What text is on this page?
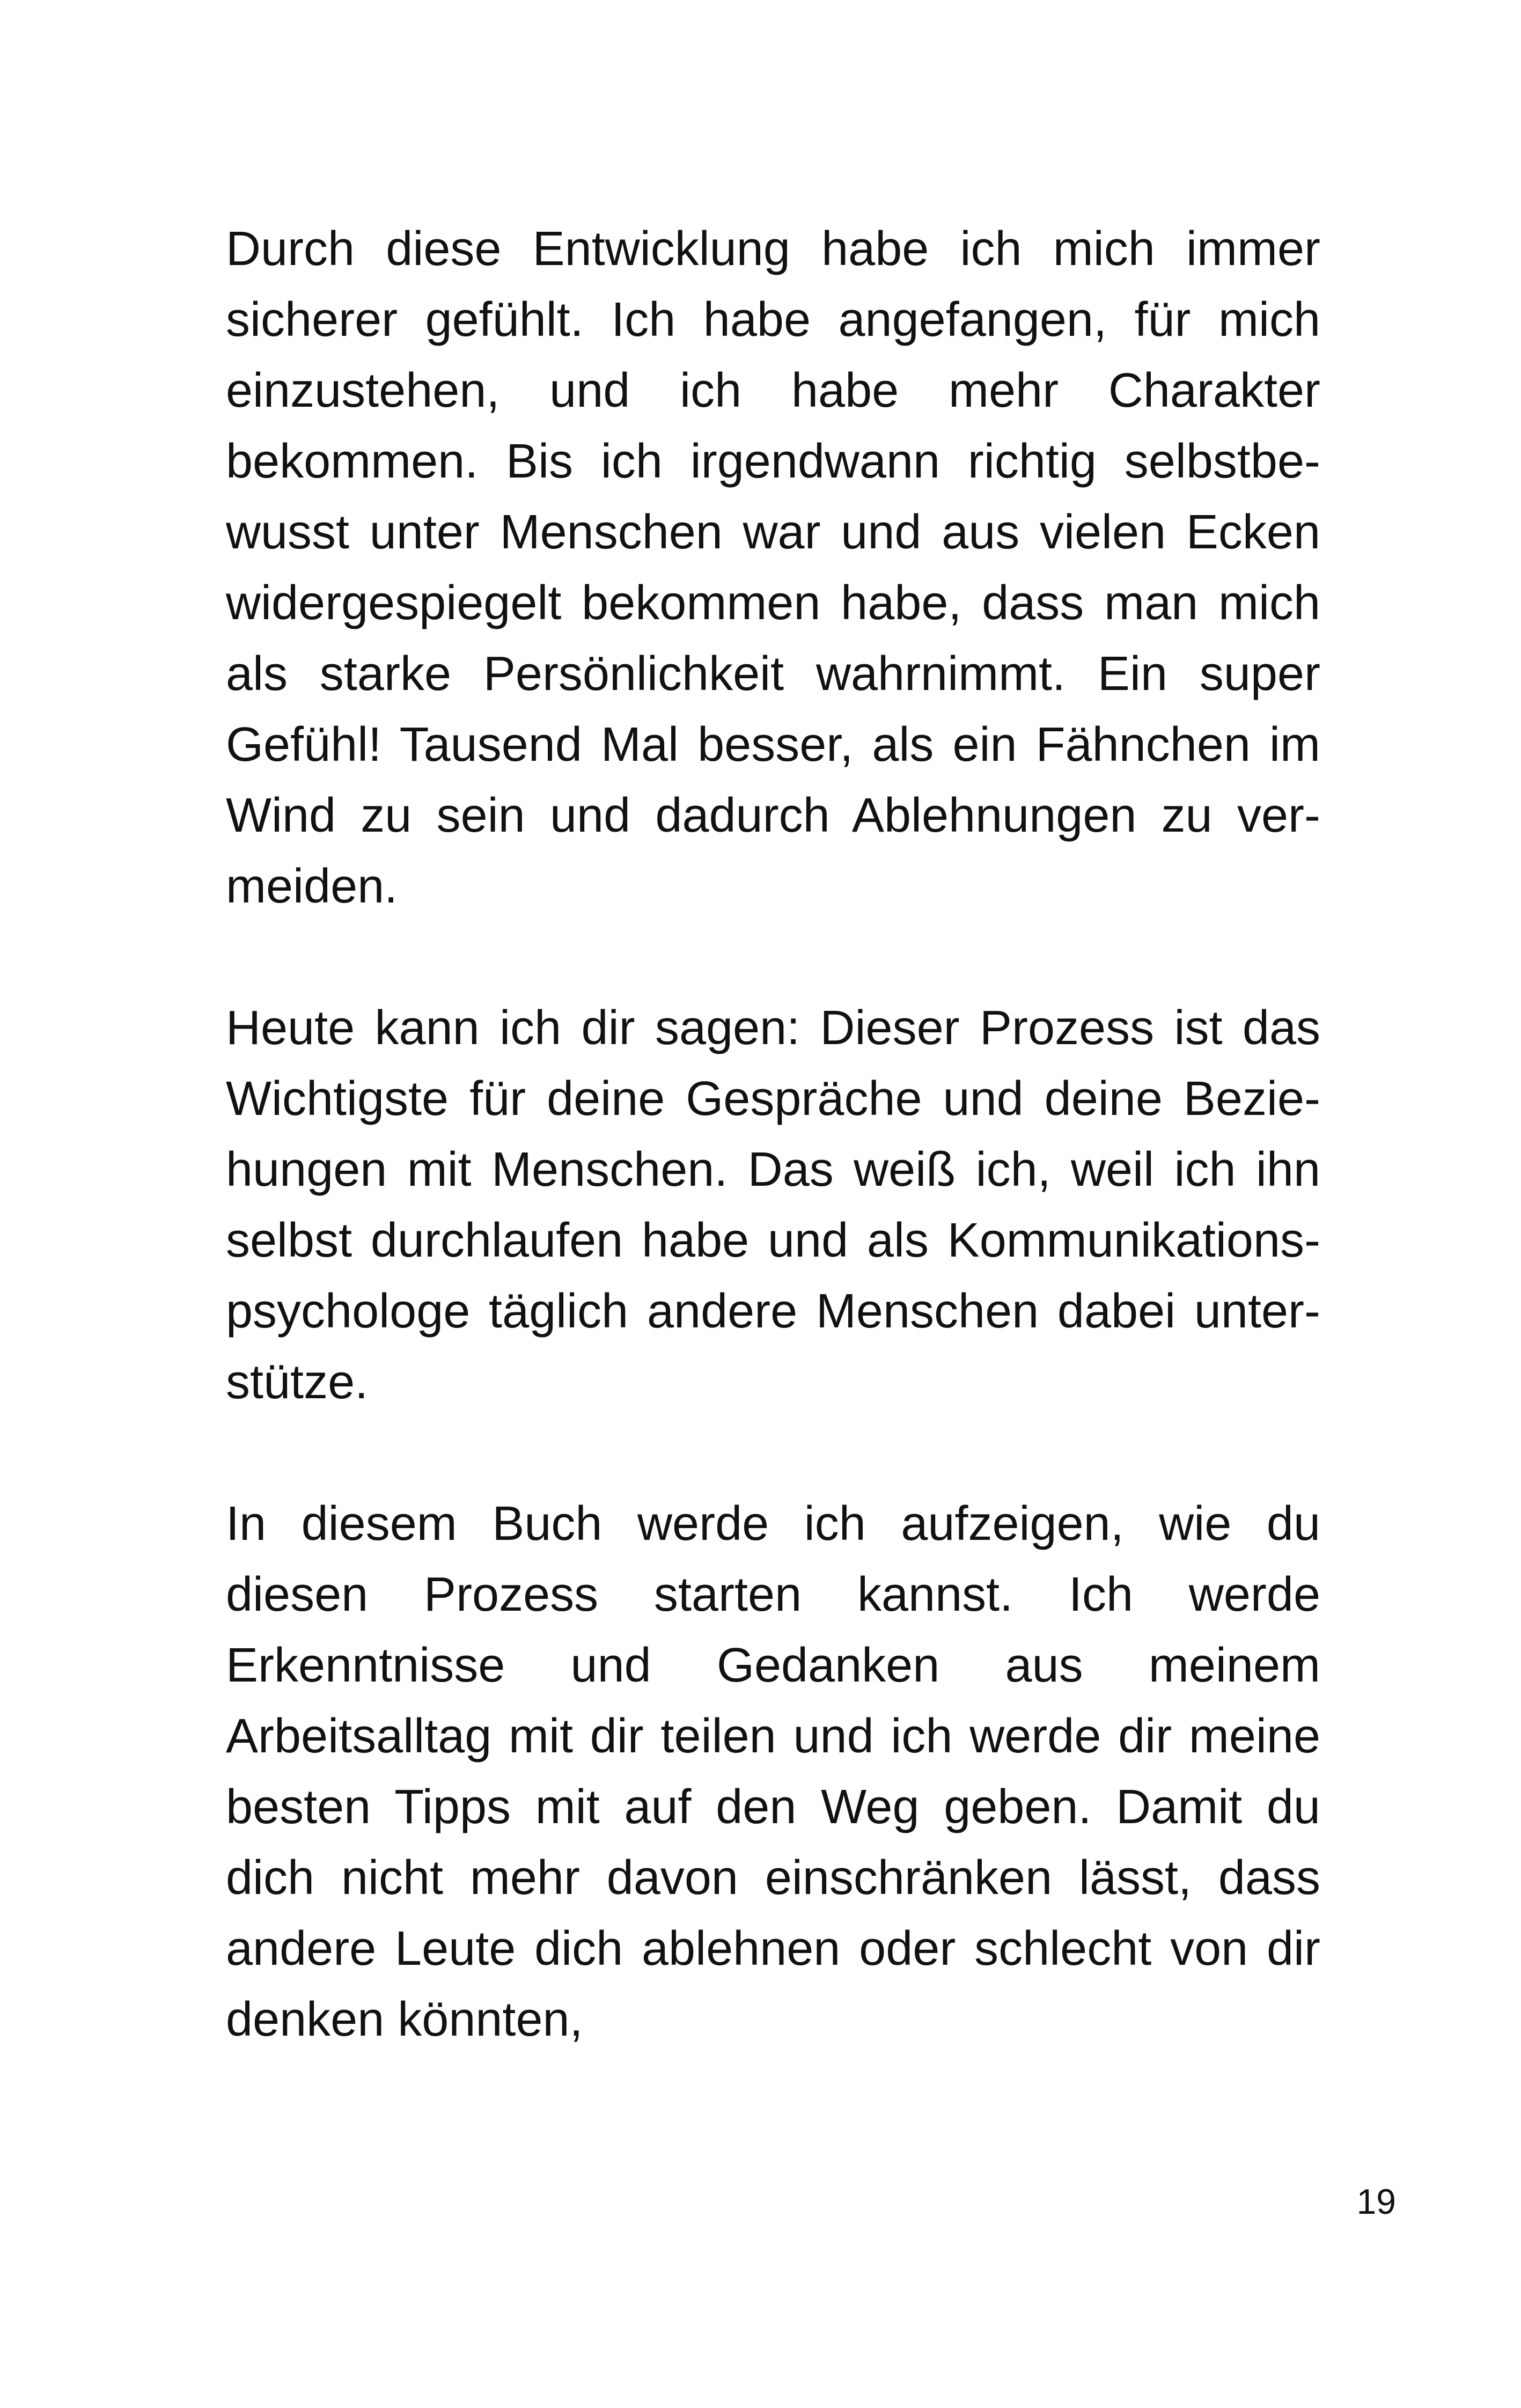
Durch diese Entwicklung habe ich mich immer sicherer gefühlt. Ich habe angefangen, für mich einzustehen, und ich habe mehr Charakter bekommen. Bis ich irgendwann richtig selbstbewusst unter Menschen war und aus vielen Ecken widergespiegelt bekommen habe, dass man mich als starke Persönlichkeit wahrnimmt. Ein super Gefühl! Tausend Mal besser, als ein Fähnchen im Wind zu sein und dadurch Ablehnungen zu vermeiden.

Heute kann ich dir sagen: Dieser Prozess ist das Wichtigste für deine Gespräche und deine Beziehungen mit Menschen. Das weiß ich, weil ich ihn selbst durchlaufen habe und als Kommunikationspsychologe täglich andere Menschen dabei unterstütze.

In diesem Buch werde ich aufzeigen, wie du diesen Prozess starten kannst. Ich werde Erkenntnisse und Gedanken aus meinem Arbeitsalltag mit dir teilen und ich werde dir meine besten Tipps mit auf den Weg geben. Damit du dich nicht mehr davon einschränken lässt, dass andere Leute dich ablehnen oder schlecht von dir denken könnten,

19
